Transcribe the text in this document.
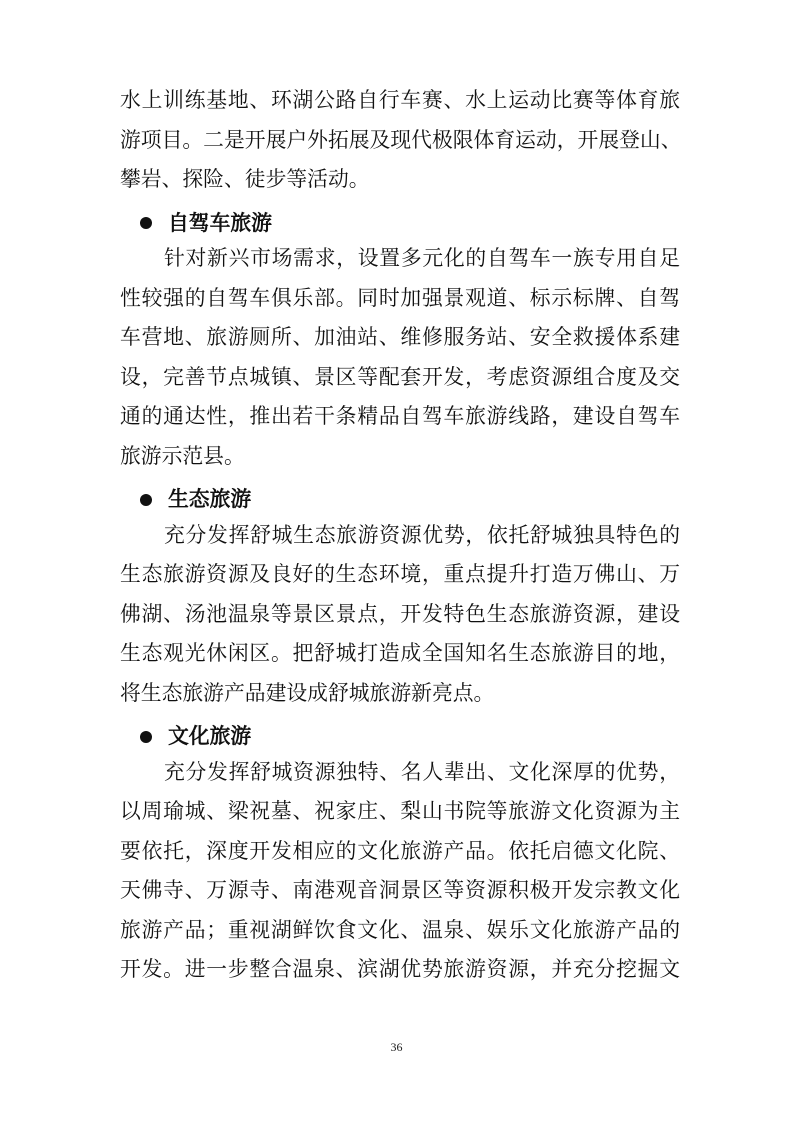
水上训练基地、环湖公路自行车赛、水上运动比赛等体育旅
游项目。二是开展户外拓展及现代极限体育运动，开展登山、
攀岩、探险、徒步等活动。
自驾车旅游
针对新兴市场需求，设置多元化的自驾车一族专用自足
性较强的自驾车俱乐部。同时加强景观道、标示标牌、自驾
车营地、旅游厕所、加油站、维修服务站、安全救援体系建
设，完善节点城镇、景区等配套开发，考虑资源组合度及交
通的通达性，推出若干条精品自驾车旅游线路，建设自驾车
旅游示范县。
生态旅游
充分发挥舒城生态旅游资源优势，依托舒城独具特色的
生态旅游资源及良好的生态环境，重点提升打造万佛山、万
佛湖、汤池温泉等景区景点，开发特色生态旅游资源，建设
生态观光休闲区。把舒城打造成全国知名生态旅游目的地，
将生态旅游产品建设成舒城旅游新亮点。
文化旅游
充分发挥舒城资源独特、名人辈出、文化深厚的优势，
以周瑜城、梁祝墓、祝家庄、梨山书院等旅游文化资源为主
要依托，深度开发相应的文化旅游产品。依托启德文化院、
天佛寺、万源寺、南港观音洞景区等资源积极开发宗教文化
旅游产品；重视湖鲜饮食文化、温泉、娱乐文化旅游产品的
开发。进一步整合温泉、滨湖优势旅游资源，并充分挖掘文
36
